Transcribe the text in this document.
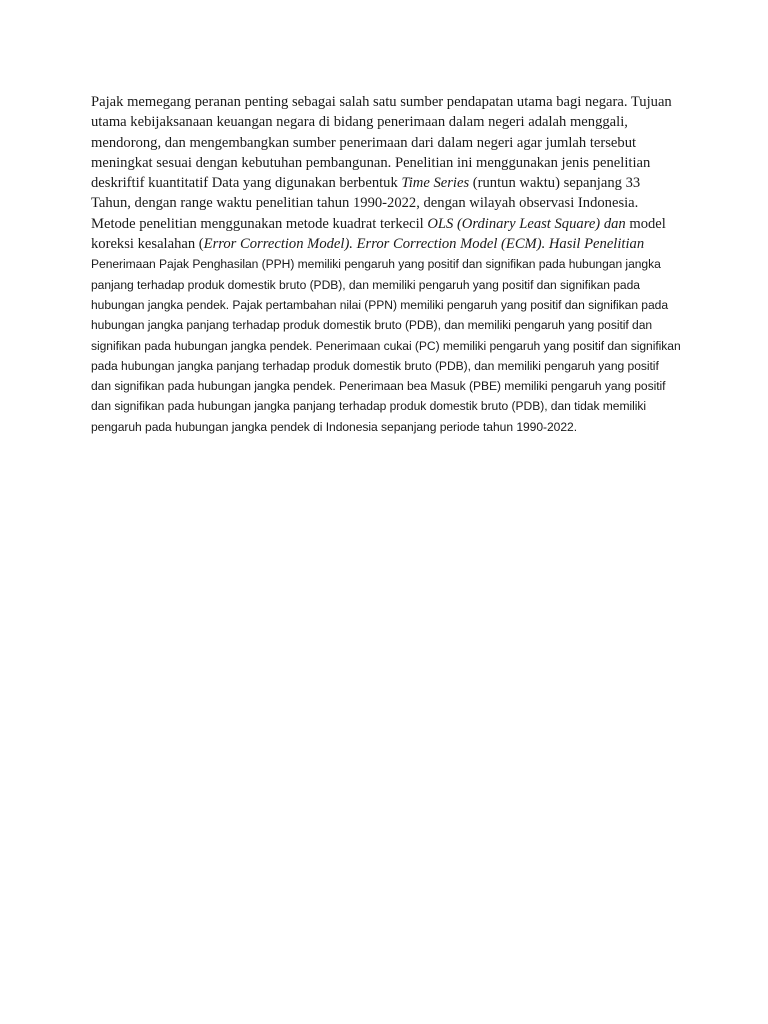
Pajak memegang peranan penting sebagai salah satu sumber pendapatan utama bagi negara. Tujuan utama kebijaksanaan keuangan negara di bidang penerimaan dalam negeri adalah menggali, mendorong, dan mengembangkan sumber penerimaan dari dalam negeri agar jumlah tersebut meningkat sesuai dengan kebutuhan pembangunan. Penelitian ini menggunakan jenis penelitian deskriftif kuantitatif Data yang digunakan berbentuk Time Series (runtun waktu) sepanjang 33 Tahun, dengan range waktu penelitian tahun 1990-2022, dengan wilayah observasi Indonesia. Metode penelitian menggunakan metode kuadrat terkecil OLS (Ordinary Least Square) dan model koreksi kesalahan (Error Correction Model). Error Correction Model (ECM). Hasil Penelitian Penerimaan Pajak Penghasilan (PPH) memiliki pengaruh yang positif dan signifikan pada hubungan jangka panjang terhadap produk domestik bruto (PDB), dan memiliki pengaruh yang positif dan signifikan pada hubungan jangka pendek. Pajak pertambahan nilai (PPN) memiliki pengaruh yang positif dan signifikan pada hubungan jangka panjang terhadap produk domestik bruto (PDB), dan memiliki pengaruh yang positif dan signifikan pada hubungan jangka pendek. Penerimaan cukai (PC) memiliki pengaruh yang positif dan signifikan pada hubungan jangka panjang terhadap produk domestik bruto (PDB), dan memiliki pengaruh yang positif dan signifikan pada hubungan jangka pendek. Penerimaan bea Masuk (PBE) memiliki pengaruh yang positif dan signifikan pada hubungan jangka panjang terhadap produk domestik bruto (PDB), dan tidak memiliki pengaruh pada hubungan jangka pendek di Indonesia sepanjang periode tahun 1990-2022.
